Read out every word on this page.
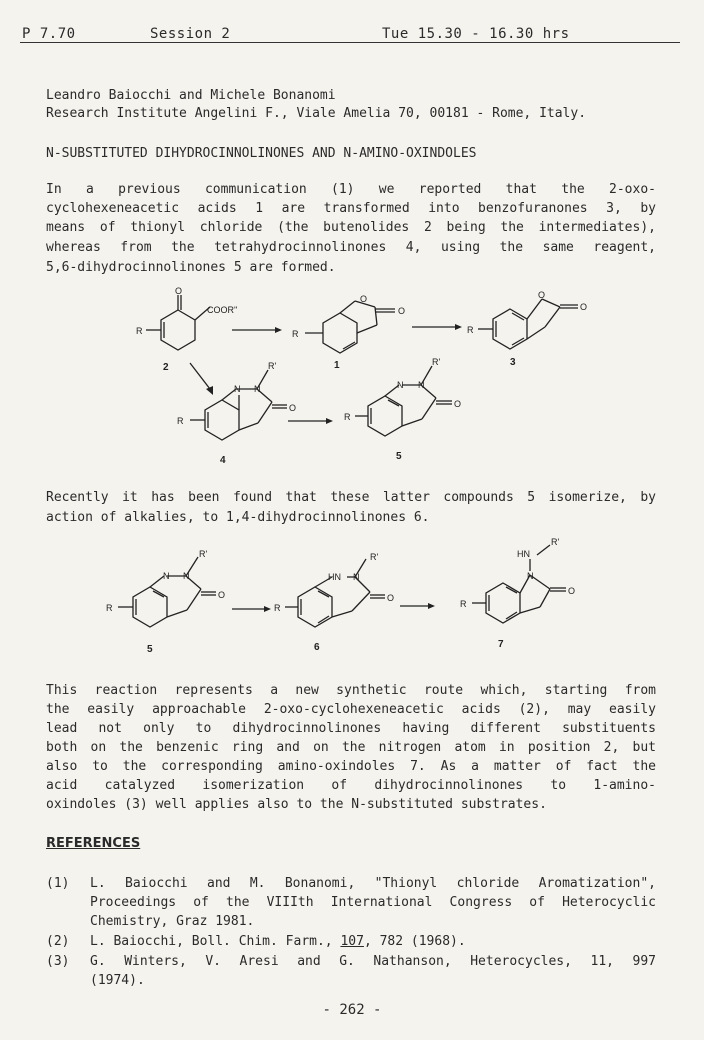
P 7.70	Session 2	Tue 15.30 - 16.30 hrs
Leandro Baiocchi and Michele Bonanomi
Research Institute Angelini F., Viale Amelia 70, 00181 - Rome, Italy.
N-SUBSTITUTED DIHYDROCINNOLINONES AND N-AMINO-OXINDOLES
In a previous communication (1) we reported that the 2-oxo-
cyclohexeneacetic acids 1 are transformed into benzofuranones 3, by
means of thionyl chloride (the butenolides 2 being the intermediates),
whereas from the tetrahydrocinnolinones 4, using the same reagent,
5,6-dihydrocinnolinones 5 are formed.
O
COOR''
R
2
O
O
R
1
O
O
R
3
N N
R'
O
R
4
N N
R'
O
R
5
Recently it has been found that these latter compounds 5 isomerize, by
action of alkalies, to 1,4-dihydrocinnolinones 6.
N N
R'
O
R
5
HN N
R'
O
R
6
N
HN
R'
O
R
7
This reaction represents a new synthetic route which, starting from
the easily approachable 2-oxo-cyclohexeneacetic acids (2), may easily
lead not only to dihydrocinnolinones having different substituents
both on the benzenic ring and on the nitrogen atom in position 2, but
also to the corresponding amino-oxindoles 7. As a matter of fact the
acid catalyzed isomerization of dihydrocinnolinones to 1-amino-
oxindoles (3) well applies also to the N-substituted substrates.
REFERENCES
(1) L. Baiocchi and M. Bonanomi, "Thionyl chloride Aromatization",
Proceedings of the VIIIth International Congress of Heterocyclic
Chemistry, Graz 1981.
(2) L. Baiocchi, Boll. Chim. Farm., 107, 782 (1968).
(3) G. Winters, V. Aresi and G. Nathanson, Heterocycles, 11, 997
(1974).
- 262 -
